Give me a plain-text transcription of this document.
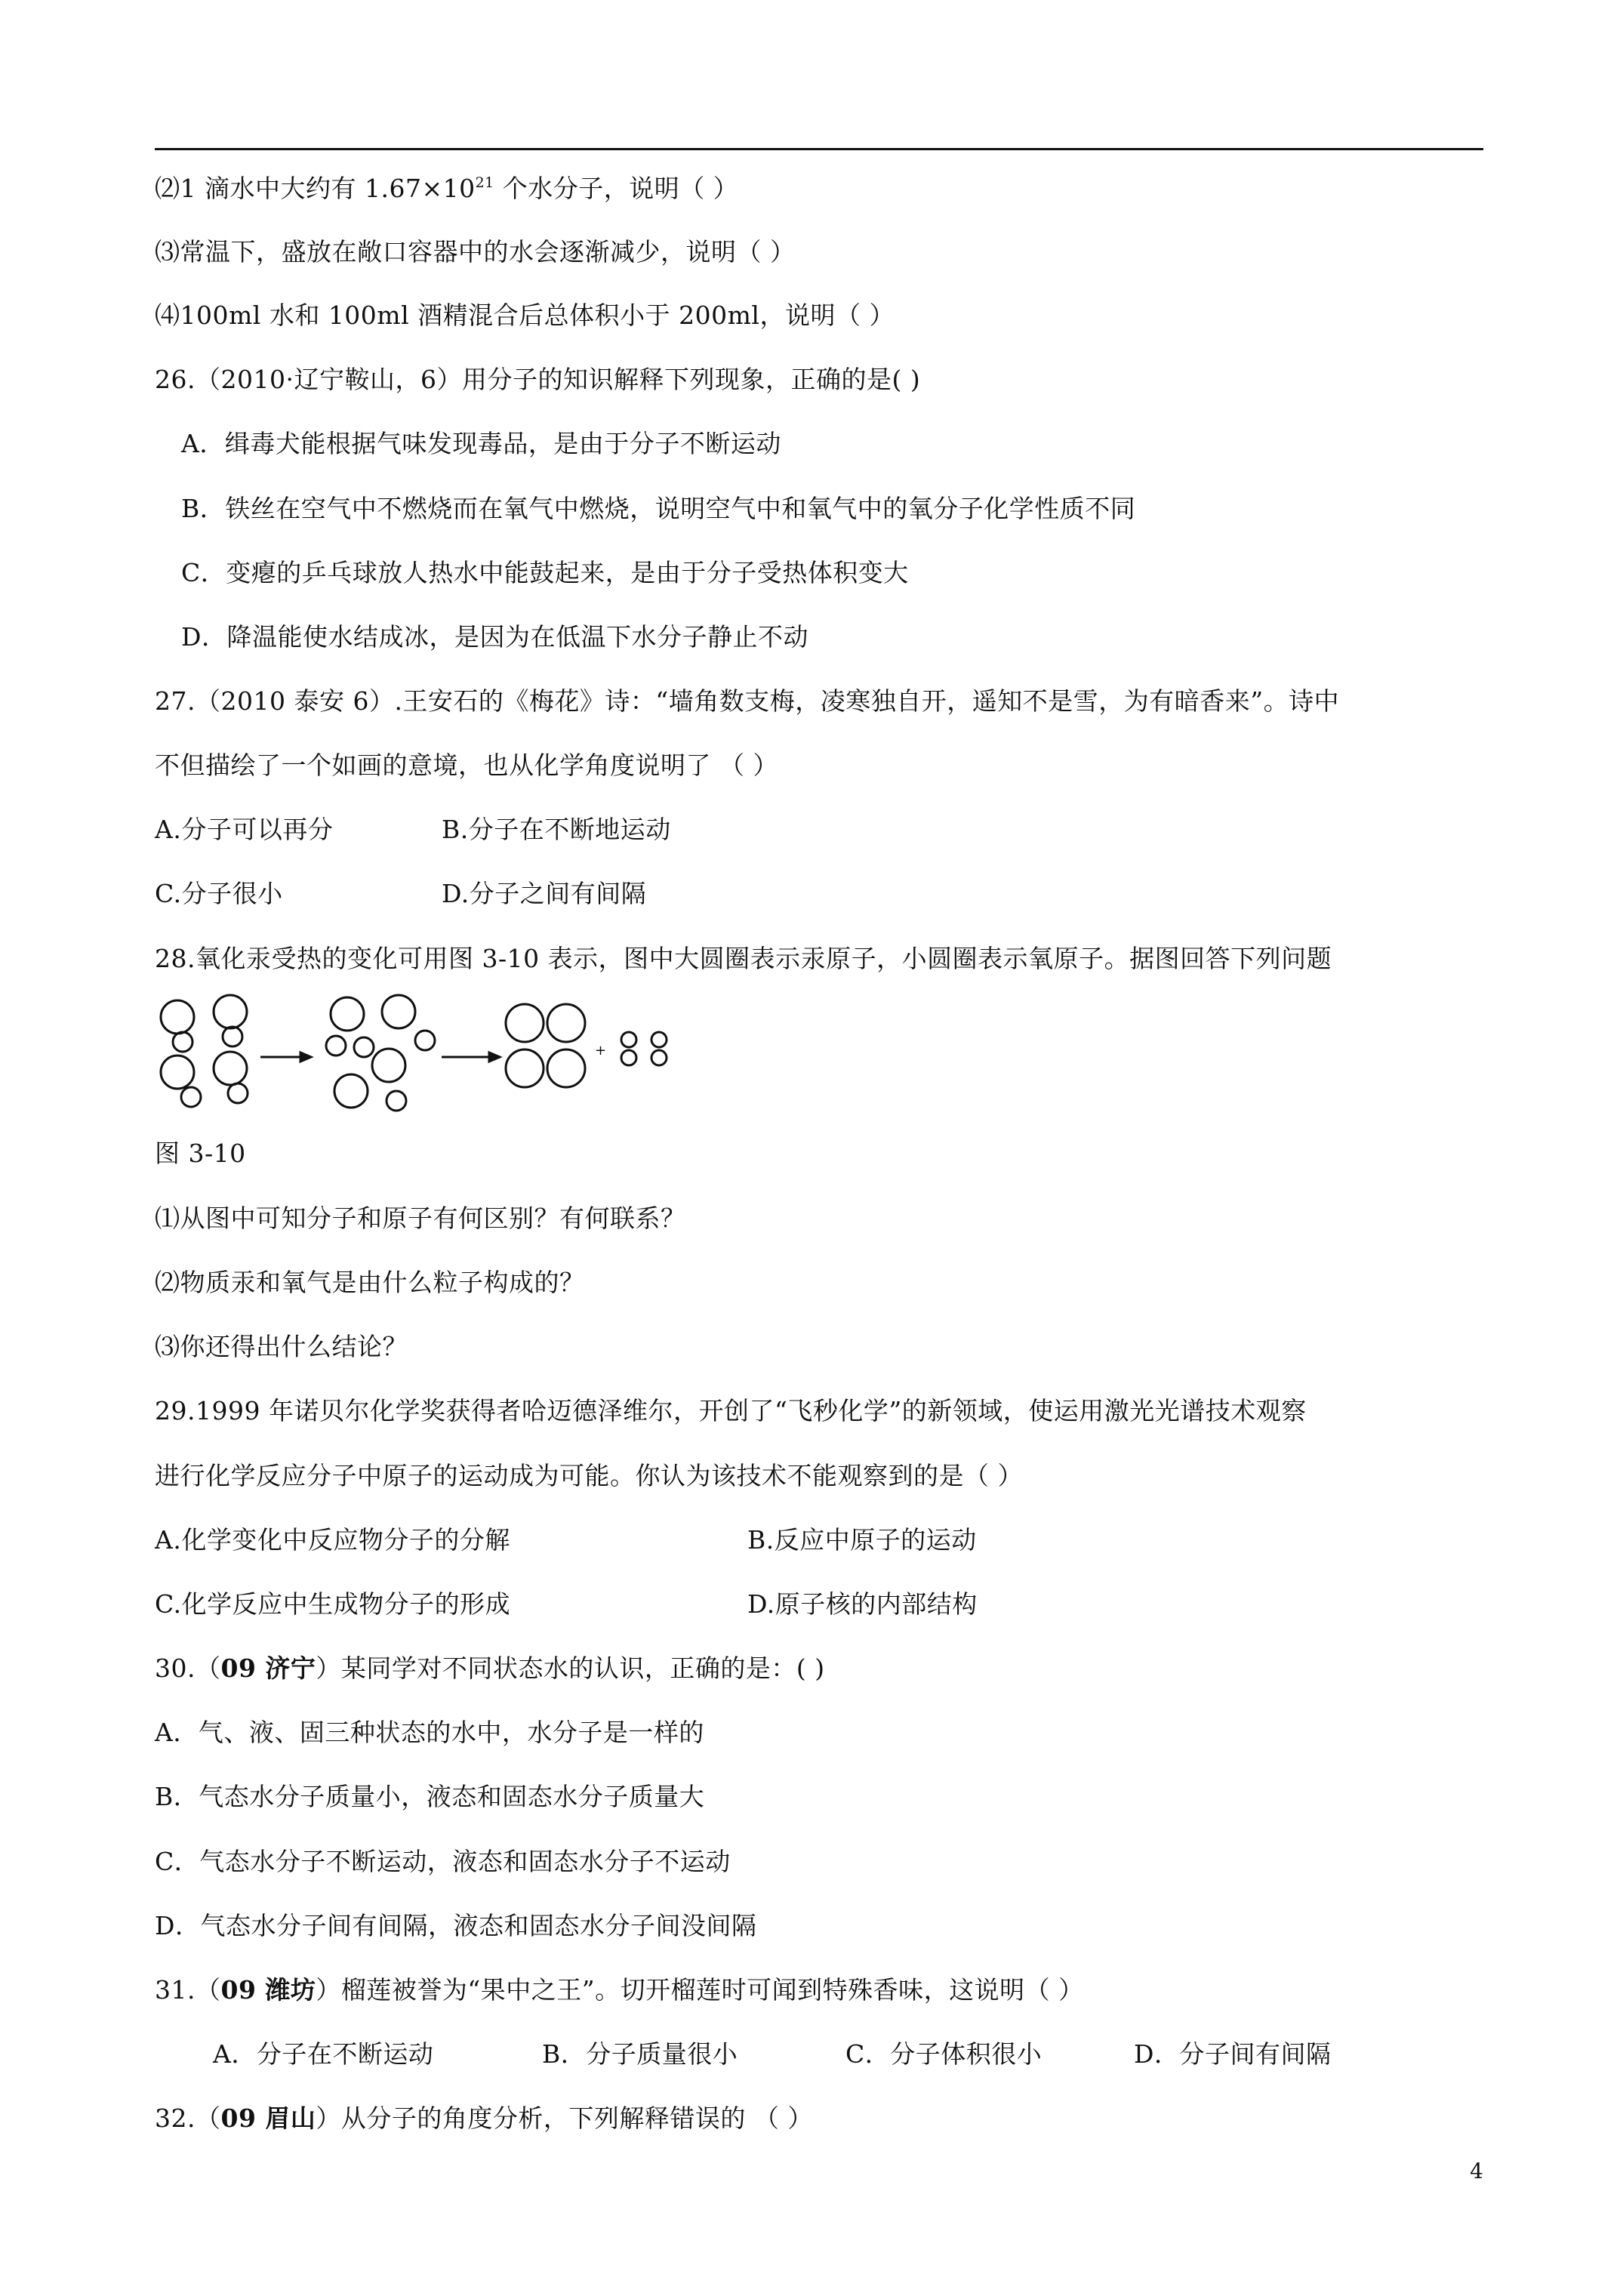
⑵1 滴水中大约有 $1.67\times 10^{21}$ 个水分子，说明（ ）
⑶常温下，盛放在敞口容器中的水会逐渐减少，说明（ ）
⑷100ml 水和 100ml 酒精混合后总体积小于 200ml，说明（ ）
26.（2010·辽宁鞍山，6）用分子的知识解释下列现象，正确的是( )
A．缉毒犬能根据气味发现毒品，是由于分子不断运动
B．铁丝在空气中不燃烧而在氧气中燃烧，说明空气中和氧气中的氧分子化学性质不同
C．变瘪的乒乓球放人热水中能鼓起来，是由于分子受热体积变大
D．降温能使水结成冰，是因为在低温下水分子静止不动
27.（2010 泰安 6）.王安石的《梅花》诗：“墙角数支梅，凌寒独自开，遥知不是雪，为有暗香来”。诗中
不但描绘了一个如画的意境，也从化学角度说明了 （ ）
A.分子可以再分	B.分子在不断地运动
C.分子很小	D.分子之间有间隔
28.氧化汞受热的变化可用图 3-10 表示，图中大圆圈表示汞原子，小圆圈表示氧原子。据图回答下列问题
+
图 3-10
⑴从图中可知分子和原子有何区别？有何联系？
⑵物质汞和氧气是由什么粒子构成的？
⑶你还得出什么结论？
29.1999 年诺贝尔化学奖获得者哈迈德泽维尔，开创了“飞秒化学”的新领域，使运用激光光谱技术观察
进行化学反应分子中原子的运动成为可能。你认为该技术不能观察到的是（ ）
A.化学变化中反应物分子的分解	B.反应中原子的运动
C.化学反应中生成物分子的形成	D.原子核的内部结构
30.（09 济宁）某同学对不同状态水的认识，正确的是：( )
A．气、液、固三种状态的水中，水分子是一样的
B．气态水分子质量小，液态和固态水分子质量大
C．气态水分子不断运动，液态和固态水分子不运动
D．气态水分子间有间隔，液态和固态水分子间没间隔
31.（09 潍坊）榴莲被誉为“果中之王”。切开榴莲时可闻到特殊香味，这说明（ ）
A．分子在不断运动	B．分子质量很小	C．分子体积很小	D．分子间有间隔
32.（09 眉山）从分子的角度分析，下列解释错误的 （ ）
4
